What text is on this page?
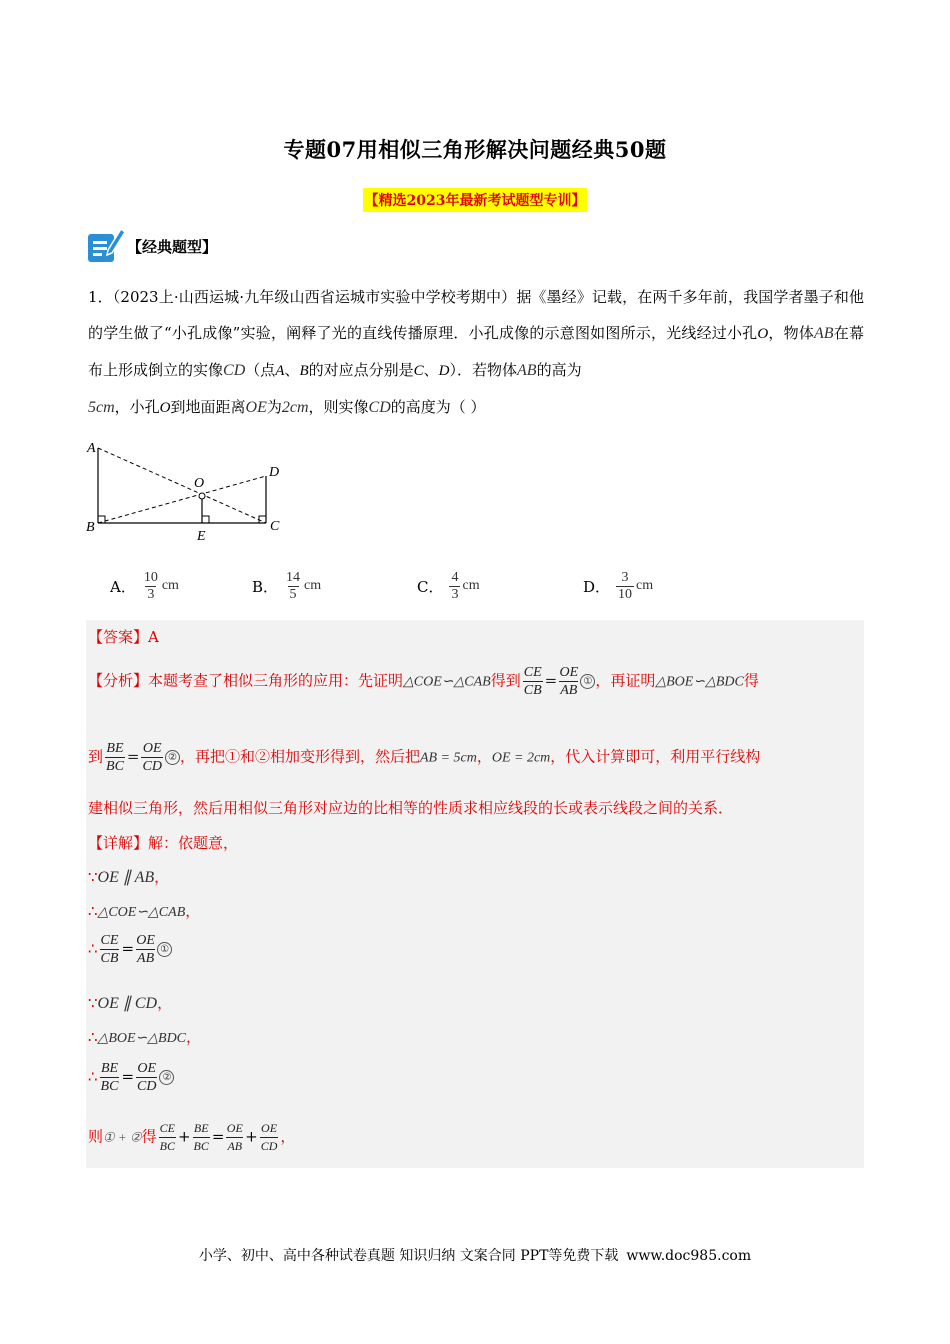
专题07用相似三角形解决问题经典50题
【精选2023年最新考试题型专训】
【经典题型】
1．（2023上·山西运城·九年级山西省运城市实验中学校考期中）据《墨经》记载，在两千多年前，我国学者墨子和他的学生做了“小孔成像”实验，阐释了光的直线传播原理．小孔成像的示意图如图所示，光线经过小孔O，物体AB在幕布上形成倒立的实像CD（点A、B的对应点分别是C、D）．若物体AB的高为
5cm，小孔O到地面距离OE为2cm，则实像CD的高度为（ ）
A
B	C
D
E
O
A． $\frac{10}{3}$ cm	B． $\frac{14}{5}$ cm	C． $\frac{4}{3}$ cm	D． $\frac{3}{10}$ cm
【答案】A
【分析】本题考查了相似三角形的应用：先证明△COE∽△CAB得到 $\frac{CE}{CB} = \frac{OE}{AB}$ ① ，再证明△BOE∽△BDC得
到 $\frac{BE}{BC} = \frac{OE}{CD}$ ② ，再把①和②相加变形得到，然后把AB = 5cm，OE = 2cm，代入计算即可，利用平行线构
建相似三角形，然后用相似三角形对应边的比相等的性质求相应线段的长或表示线段之间的关系．
【详解】解：依题意，
∵OE ∥ AB，
∴△COE∽△CAB，
∴ $\frac{CE}{CB} = \frac{OE}{AB}$ ①
∵OE ∥ CD，
∴△BOE∽△BDC，
∴ $\frac{BE}{BC} = \frac{OE}{CD}$ ②
则① + ②得 $\frac{CE}{BC} + \frac{BE}{BC} = \frac{OE}{AB} + \frac{OE}{CD}$ ，
小学、初中、高中各种试卷真题 知识归纳 文案合同 PPT等免费下载 www.doc985.com
